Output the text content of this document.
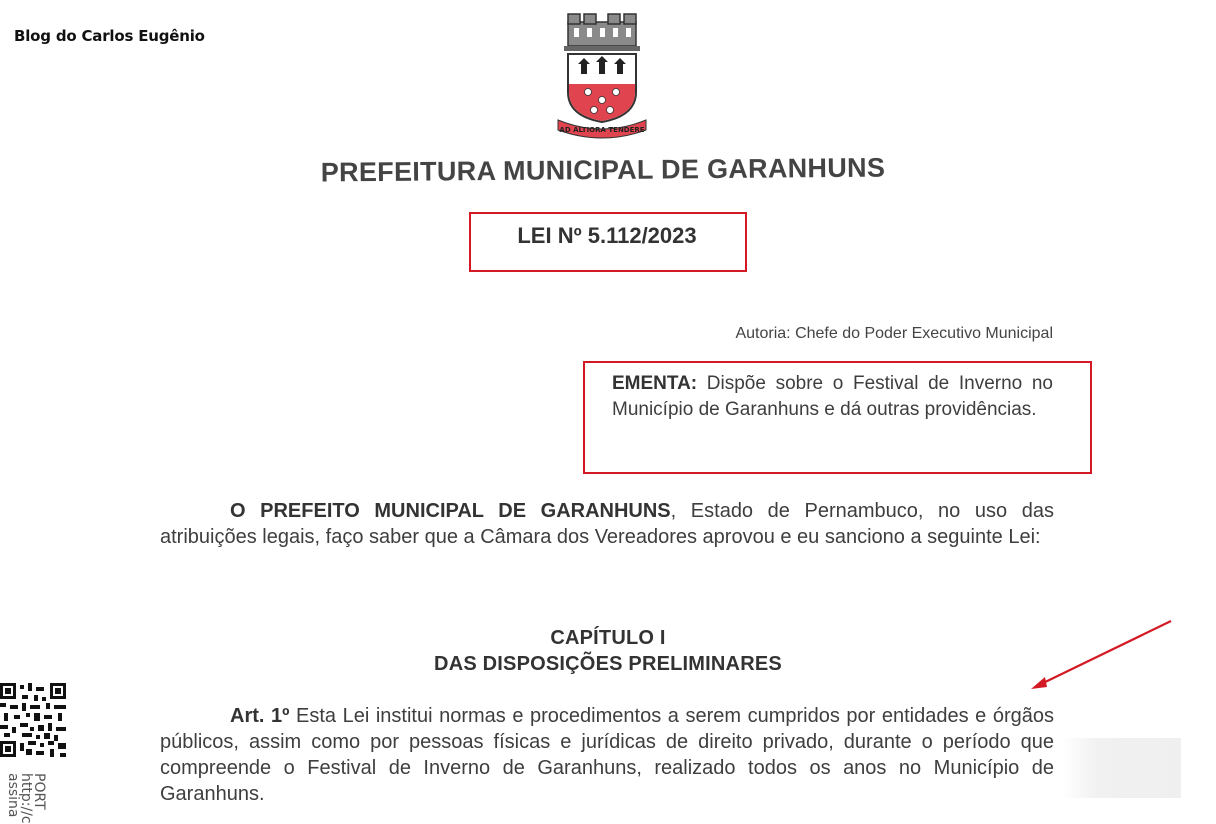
Blog do Carlos Eugênio
AD ALTIORA TENDERE
PREFEITURA MUNICIPAL DE GARANHUNS
LEI Nº 5.112/2023
Autoria: Chefe do Poder Executivo Municipal
EMENTA: Dispõe sobre o Festival de Inverno no Município de Garanhuns e dá outras providências.
O PREFEITO MUNICIPAL DE GARANHUNS, Estado de Pernambuco, no uso das atribuições legais, faço saber que a Câmara dos Vereadores aprovou e eu sanciono a seguinte Lei:
CAPÍTULO I
DAS DISPOSIÇÕES PRELIMINARES
Art. 1º Esta Lei institui normas e procedimentos a serem cumpridos por entidades e órgãos públicos, assim como por pessoas físicas e jurídicas de direito privado, durante o período que compreende o Festival de Inverno de Garanhuns, realizado todos os anos no Município de Garanhuns.
PORT
http://c
assina
